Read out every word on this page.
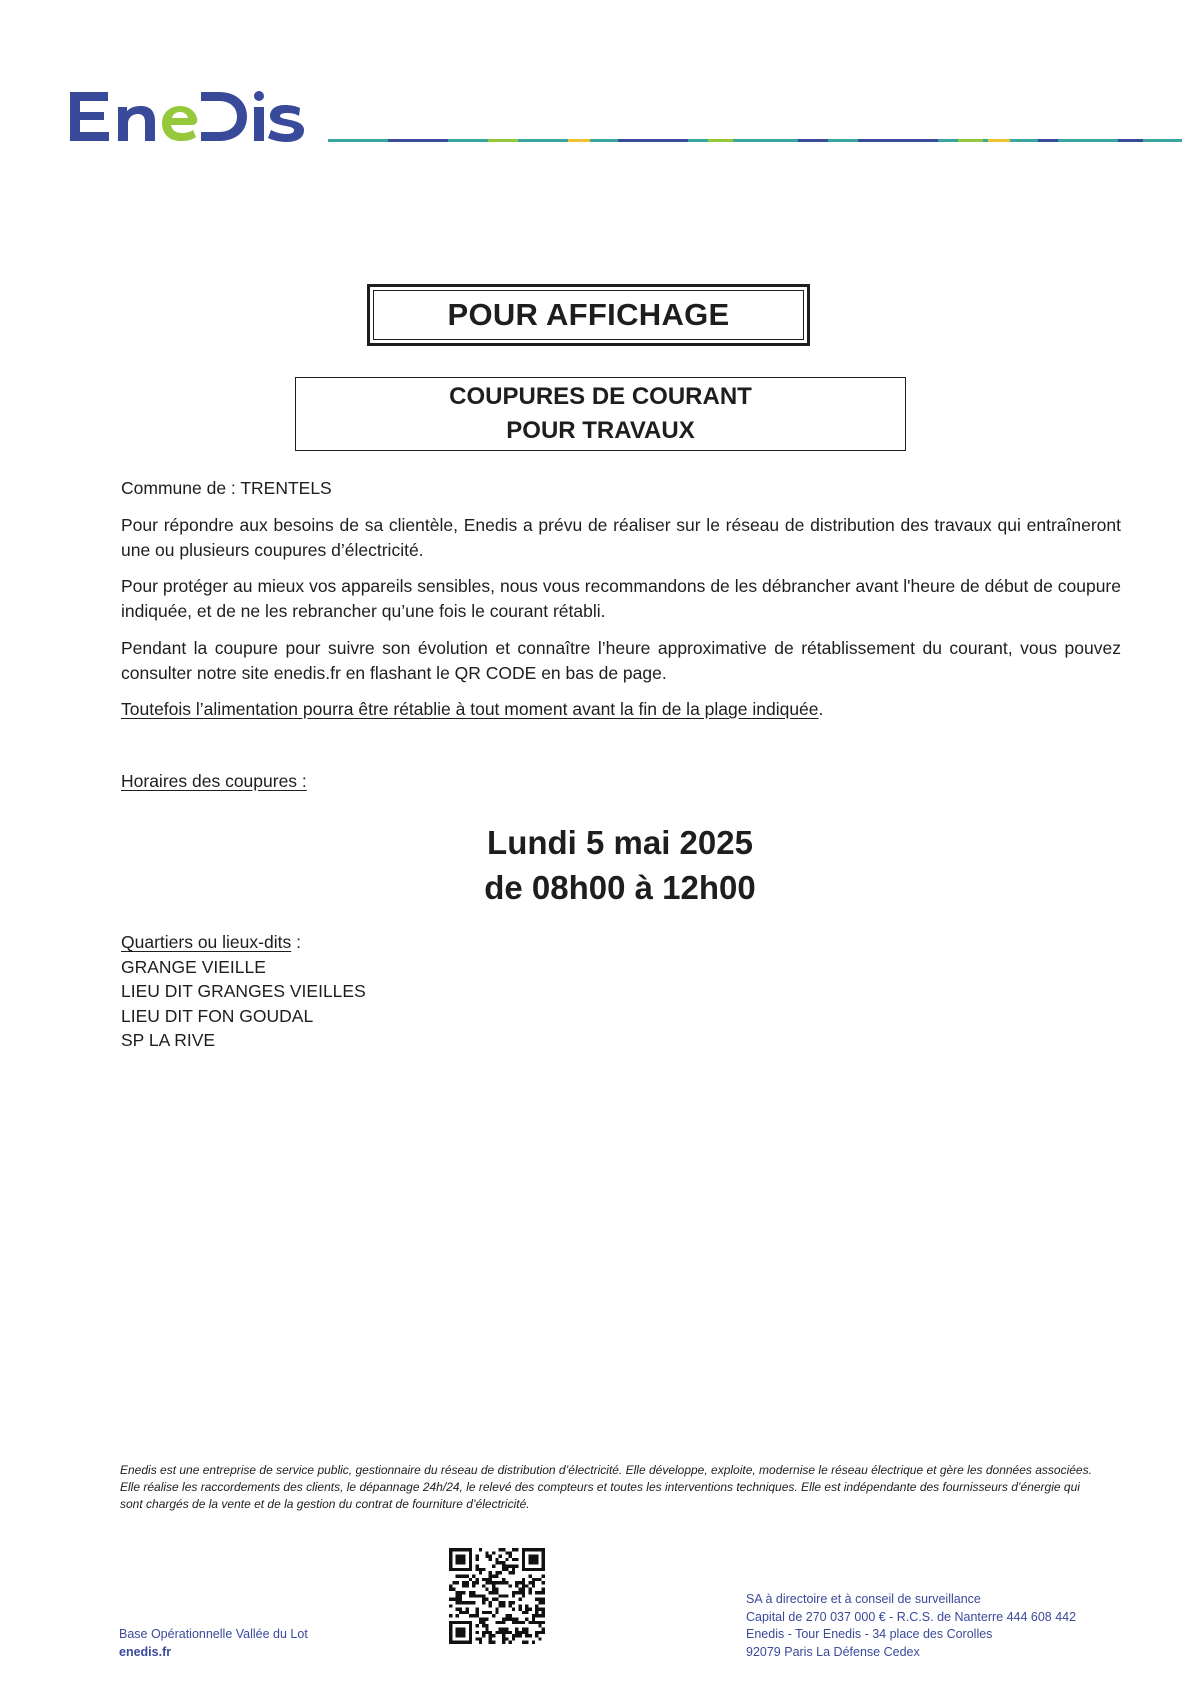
POUR AFFICHAGE
COUPURES DE COURANT
POUR TRAVAUX
Commune de : TRENTELS
Pour répondre aux besoins de sa clientèle, Enedis a prévu de réaliser sur le réseau de distribution des travaux qui entraîneront une ou plusieurs coupures d’électricité.
Pour protéger au mieux vos appareils sensibles, nous vous recommandons de les débrancher avant l'heure de début de coupure indiquée, et de ne les rebrancher qu’une fois le courant rétabli.
Pendant la coupure pour suivre son évolution et connaître l’heure approximative de rétablissement du courant, vous pouvez consulter notre site enedis.fr en flashant le QR CODE en bas de page.
Toutefois l’alimentation pourra être rétablie à tout moment avant la fin de la plage indiquée.
Horaires des coupures :
Lundi 5 mai 2025
de 08h00 à 12h00
Quartiers ou lieux-dits :
GRANGE VIEILLE
LIEU DIT GRANGES VIEILLES
LIEU DIT FON GOUDAL
SP LA RIVE
Enedis est une entreprise de service public, gestionnaire du réseau de distribution d’électricité. Elle développe, exploite, modernise le réseau électrique et gère les données associées. Elle réalise les raccordements des clients, le dépannage 24h/24, le relevé des compteurs et toutes les interventions techniques. Elle est indépendante des fournisseurs d’énergie qui sont chargés de la vente et de la gestion du contrat de fourniture d’électricité.
Base Opérationnelle Vallée du Lot
enedis.fr
SA à directoire et à conseil de surveillance
Capital de 270 037 000 € - R.C.S. de Nanterre 444 608 442
Enedis - Tour Enedis - 34 place des Corolles
92079 Paris La Défense Cedex
